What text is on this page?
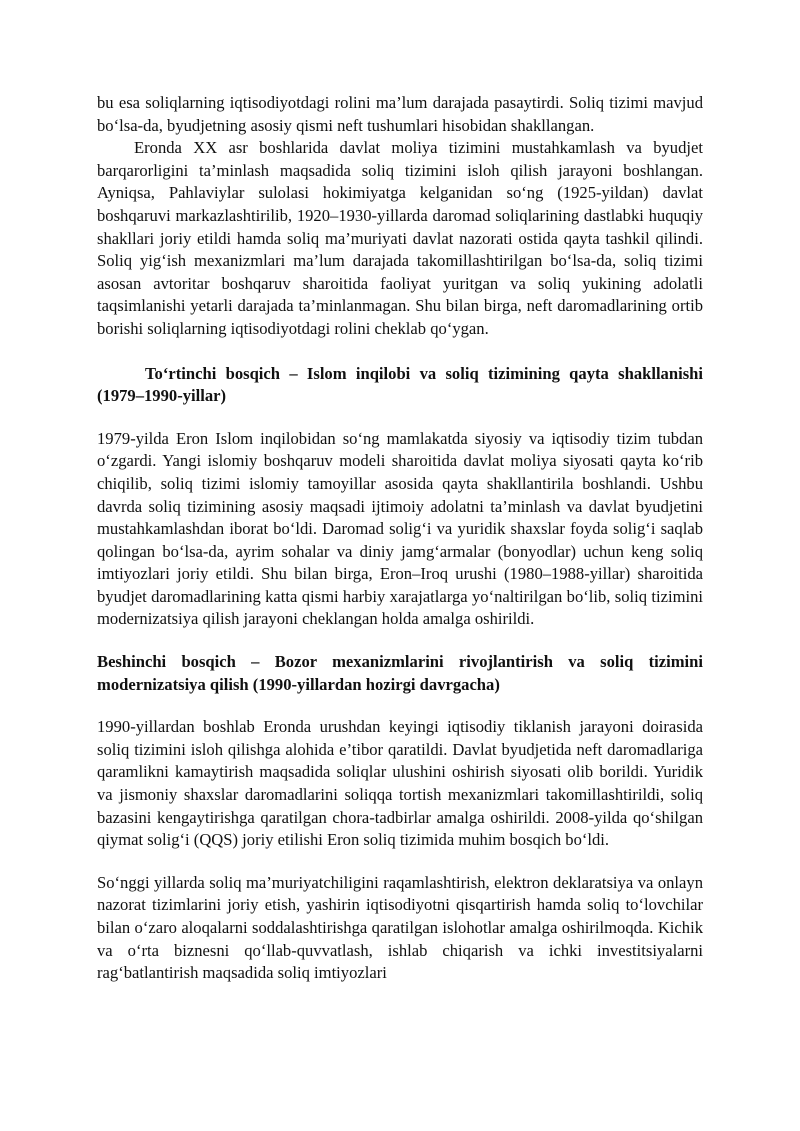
bu esa soliqlarning iqtisodiyotdagi rolini ma’lum darajada pasaytirdi. Soliq tizimi mavjud bo‘lsa-da, byudjetning asosiy qismi neft tushumlari hisobidan shakllangan.

Eronda XX asr boshlarida davlat moliya tizimini mustahkamlash va byudjet barqarorligini ta’minlash maqsadida soliq tizimini isloh qilish jarayoni boshlangan. Ayniqsa, Pahlaviylar sulolasi hokimiyatga kelganidan so‘ng (1925-yildan) davlat boshqaruvi markazlashtirilib, 1920–1930-yillarda daromad soliqlarining dastlabki huquqiy shakllari joriy etildi hamda soliq ma’muriyati davlat nazorati ostida qayta tashkil qilindi. Soliq yig‘ish mexanizmlari ma’lum darajada takomillashtirilgan bo‘lsa-da, soliq tizimi asosan avtoritar boshqaruv sharoitida faoliyat yuritgan va soliq yukining adolatli taqsimlanishi yetarli darajada ta’minlanmagan. Shu bilan birga, neft daromadlarining ortib borishi soliqlarning iqtisodiyotdagi rolini cheklab qo‘ygan.

To‘rtinchi bosqich – Islom inqilobi va soliq tizimining qayta shakllanishi (1979–1990-yillar)

1979-yilda Eron Islom inqilobidan so‘ng mamlakatda siyosiy va iqtisodiy tizim tubdan o‘zgardi. Yangi islomiy boshqaruv modeli sharoitida davlat moliya siyosati qayta ko‘rib chiqilib, soliq tizimi islomiy tamoyillar asosida qayta shakllantirila boshlandi. Ushbu davrda soliq tizimining asosiy maqsadi ijtimoiy adolatni ta’minlash va davlat byudjetini mustahkamlashdan iborat bo‘ldi. Daromad solig‘i va yuridik shaxslar foyda solig‘i saqlab qolingan bo‘lsa-da, ayrim sohalar va diniy jamg‘armalar (bonyodlar) uchun keng soliq imtiyozlari joriy etildi. Shu bilan birga, Eron–Iroq urushi (1980–1988-yillar) sharoitida byudjet daromadlarining katta qismi harbiy xarajatlarga yo‘naltirilgan bo‘lib, soliq tizimini modernizatsiya qilish jarayoni cheklangan holda amalga oshirildi.

Beshinchi bosqich – Bozor mexanizmlarini rivojlantirish va soliq tizimini modernizatsiya qilish (1990-yillardan hozirgi davrgacha)

1990-yillardan boshlab Eronda urushdan keyingi iqtisodiy tiklanish jarayoni doirasida soliq tizimini isloh qilishga alohida e’tibor qaratildi. Davlat byudjetida neft daromadlariga qaramlikni kamaytirish maqsadida soliqlar ulushini oshirish siyosati olib borildi. Yuridik va jismoniy shaxslar daromadlarini soliqqa tortish mexanizmlari takomillashtirildi, soliq bazasini kengaytirishga qaratilgan chora-tadbirlar amalga oshirildi. 2008-yilda qo‘shilgan qiymat solig‘i (QQS) joriy etilishi Eron soliq tizimida muhim bosqich bo‘ldi.

So‘nggi yillarda soliq ma’muriyatchiligini raqamlashtirish, elektron deklaratsiya va onlayn nazorat tizimlarini joriy etish, yashirin iqtisodiyotni qisqartirish hamda soliq to‘lovchilar bilan o‘zaro aloqalarni soddalashtirishga qaratilgan islohotlar amalga oshirilmoqda. Kichik va o‘rta biznesni qo‘llab-quvvatlash, ishlab chiqarish va ichki investitsiyalarni rag‘batlantirish maqsadida soliq imtiyozlari
